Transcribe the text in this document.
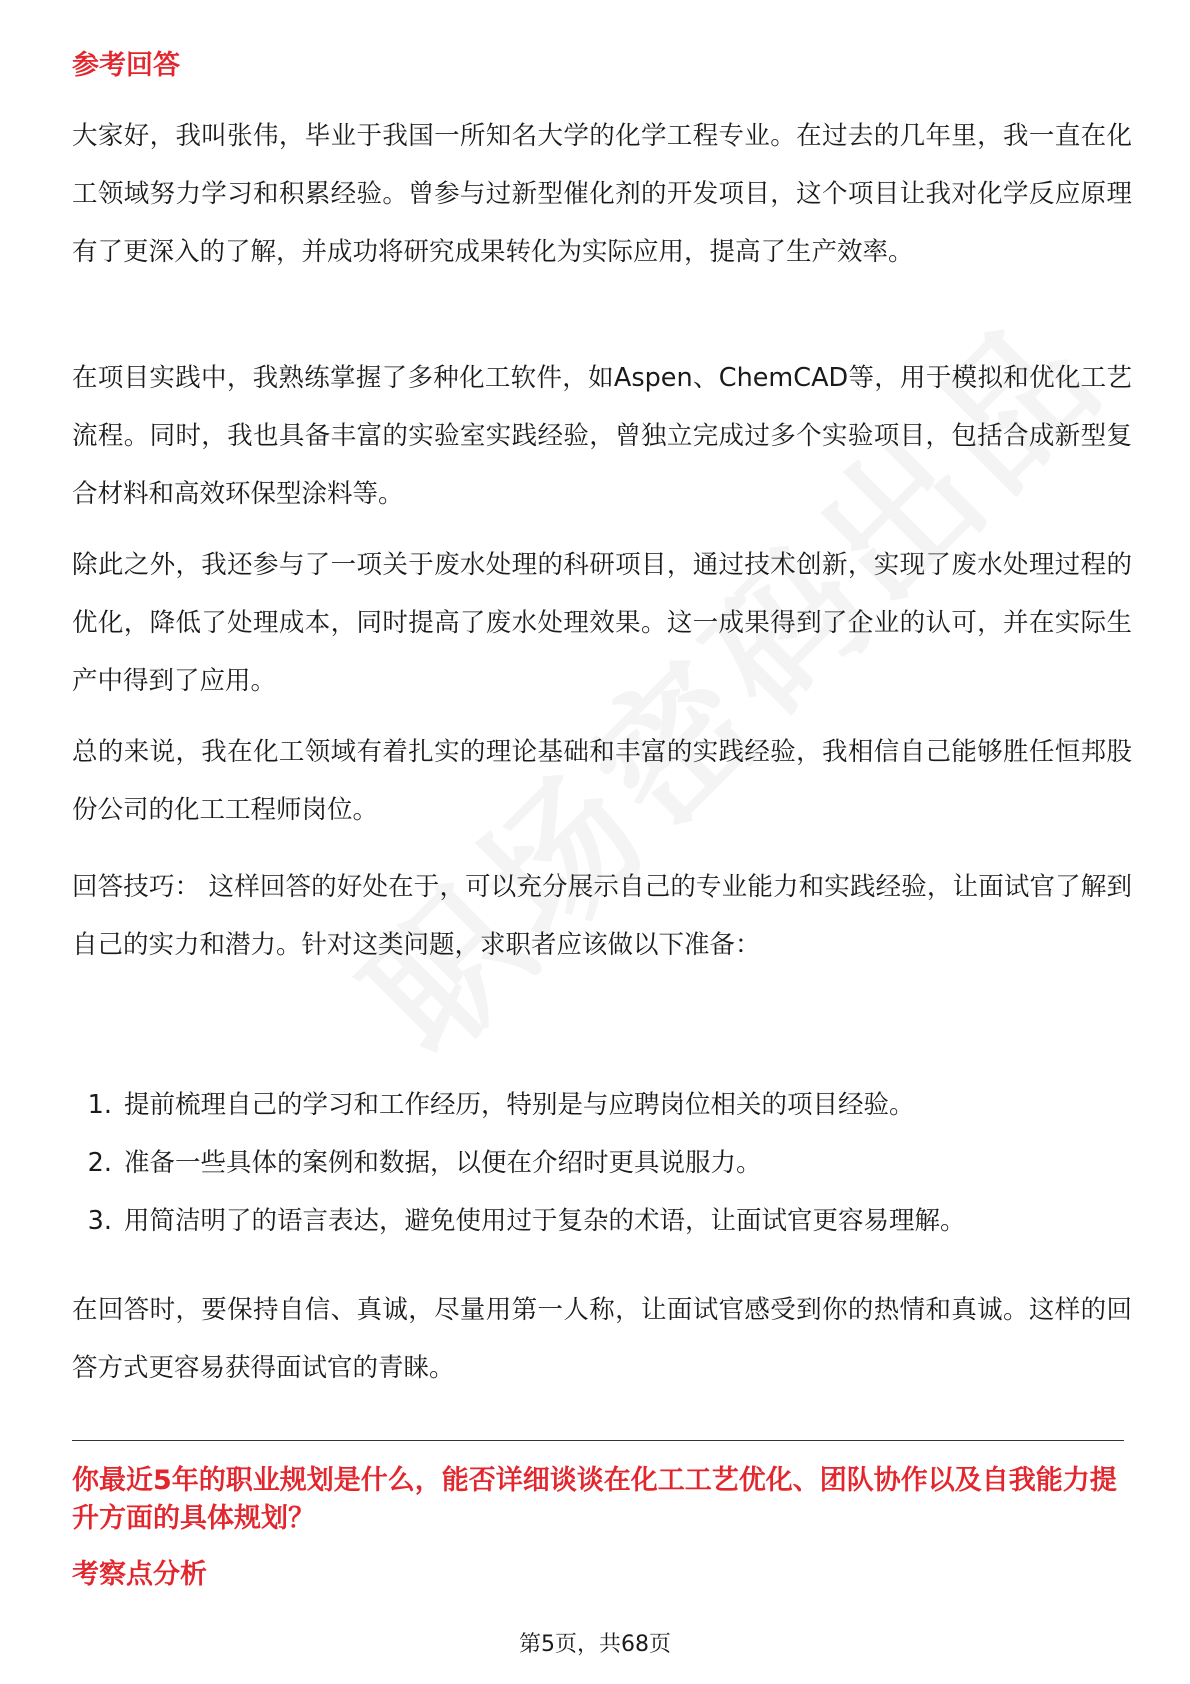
参考回答

大家好，我叫张伟，毕业于我国一所知名大学的化学工程专业。在过去的几年里，我一直在化工领域努力学习和积累经验。曾参与过新型催化剂的开发项目，这个项目让我对化学反应原理有了更深入的了解，并成功将研究成果转化为实际应用，提高了生产效率。

在项目实践中，我熟练掌握了多种化工软件，如Aspen、ChemCAD等，用于模拟和优化工艺流程。同时，我也具备丰富的实验室实践经验，曾独立完成过多个实验项目，包括合成新型复合材料和高效环保型涂料等。

除此之外，我还参与了一项关于废水处理的科研项目，通过技术创新，实现了废水处理过程的优化，降低了处理成本，同时提高了废水处理效果。这一成果得到了企业的认可，并在实际生产中得到了应用。

总的来说，我在化工领域有着扎实的理论基础和丰富的实践经验，我相信自己能够胜任恒邦股份公司的化工工程师岗位。

回答技巧： 这样回答的好处在于，可以充分展示自己的专业能力和实践经验，让面试官了解到自己的实力和潜力。针对这类问题，求职者应该做以下准备：

1. 提前梳理自己的学习和工作经历，特别是与应聘岗位相关的项目经验。
2. 准备一些具体的案例和数据，以便在介绍时更具说服力。
3. 用简洁明了的语言表达，避免使用过于复杂的术语，让面试官更容易理解。

在回答时，要保持自信、真诚，尽量用第一人称，让面试官感受到你的热情和真诚。这样的回答方式更容易获得面试官的青睐。

你最近5年的职业规划是什么，能否详细谈谈在化工工艺优化、团队协作以及自我能力提升方面的具体规划？
考察点分析
第5页，共68页
